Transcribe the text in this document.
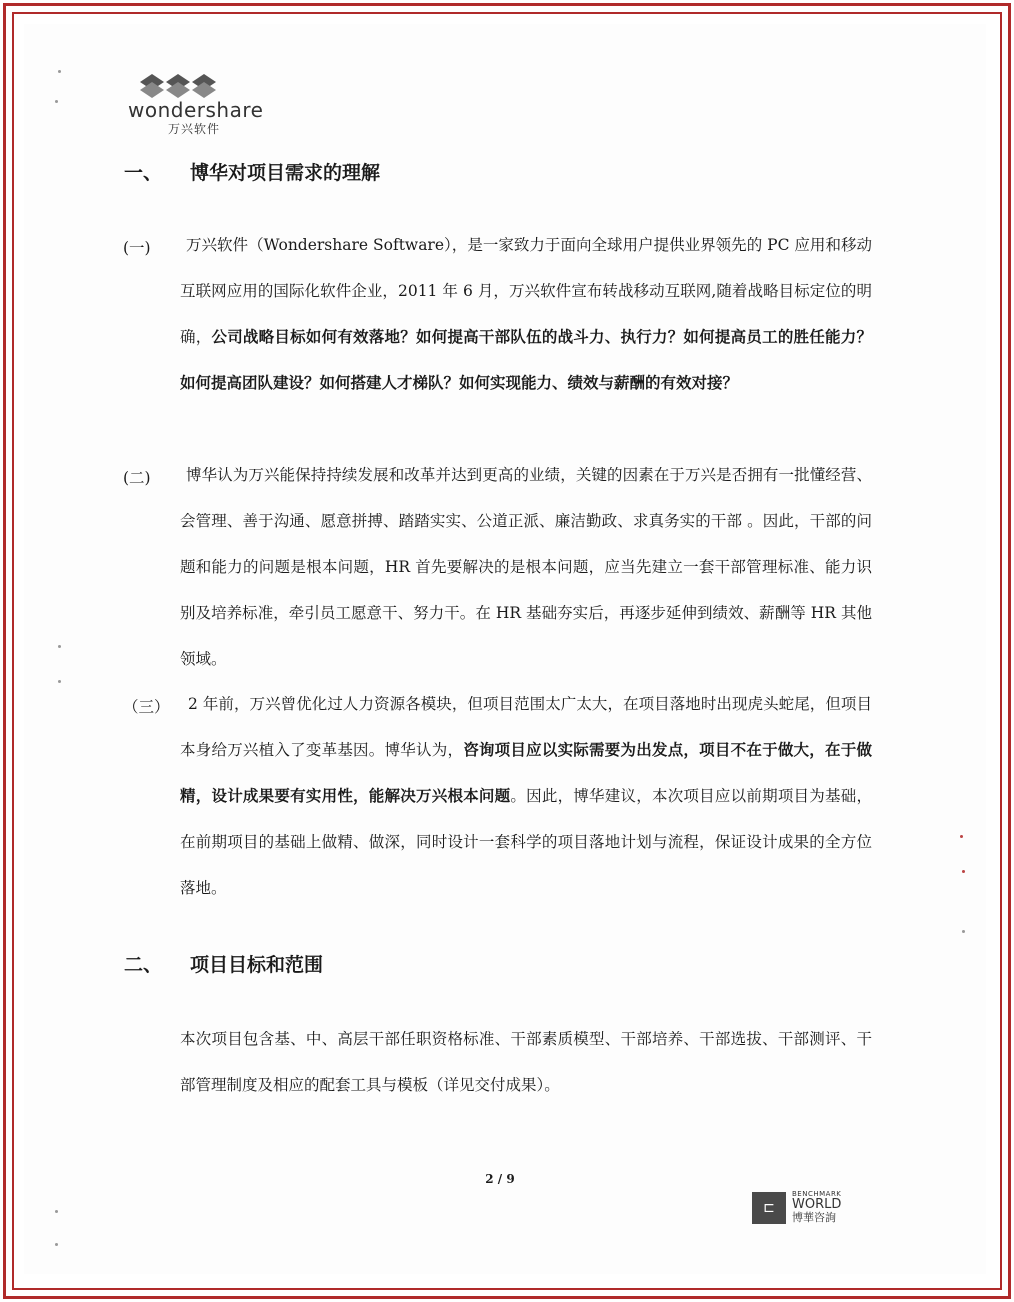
wondershare
万兴软件
一、 博华对项目需求的理解
(一)	万兴软件（Wondershare Software），是一家致力于面向全球用户提供业界领先的 PC 应用和移动互联网应用的国际化软件企业，2011 年 6 月，万兴软件宣布转战移动互联网,随着战略目标定位的明确，公司战略目标如何有效落地？如何提高干部队伍的战斗力、执行力？如何提高员工的胜任能力？如何提高团队建设？如何搭建人才梯队？如何实现能力、绩效与薪酬的有效对接？

(二)	博华认为万兴能保持持续发展和改革并达到更高的业绩，关键的因素在于万兴是否拥有一批懂经营、会管理、善于沟通、愿意拼搏、踏踏实实、公道正派、廉洁勤政、求真务实的干部 。因此，干部的问题和能力的问题是根本问题，HR 首先要解决的是根本问题，应当先建立一套干部管理标准、能力识别及培养标准，牵引员工愿意干、努力干。在 HR 基础夯实后，再逐步延伸到绩效、薪酬等 HR 其他领域。

（三）	2 年前，万兴曾优化过人力资源各模块，但项目范围太广太大，在项目落地时出现虎头蛇尾，但项目本身给万兴植入了变革基因。博华认为，咨询项目应以实际需要为出发点，项目不在于做大，在于做精，设计成果要有实用性，能解决万兴根本问题。因此，博华建议，本次项目应以前期项目为基础，在前期项目的基础上做精、做深，同时设计一套科学的项目落地计划与流程，保证设计成果的全方位落地。

二、 项目目标和范围

本次项目包含基、中、高层干部任职资格标准、干部素质模型、干部培养、干部选拔、干部测评、干部管理制度及相应的配套工具与模板（详见交付成果）。

2 / 9
⊏
BENCHMARK
WORLD
博華咨詢
